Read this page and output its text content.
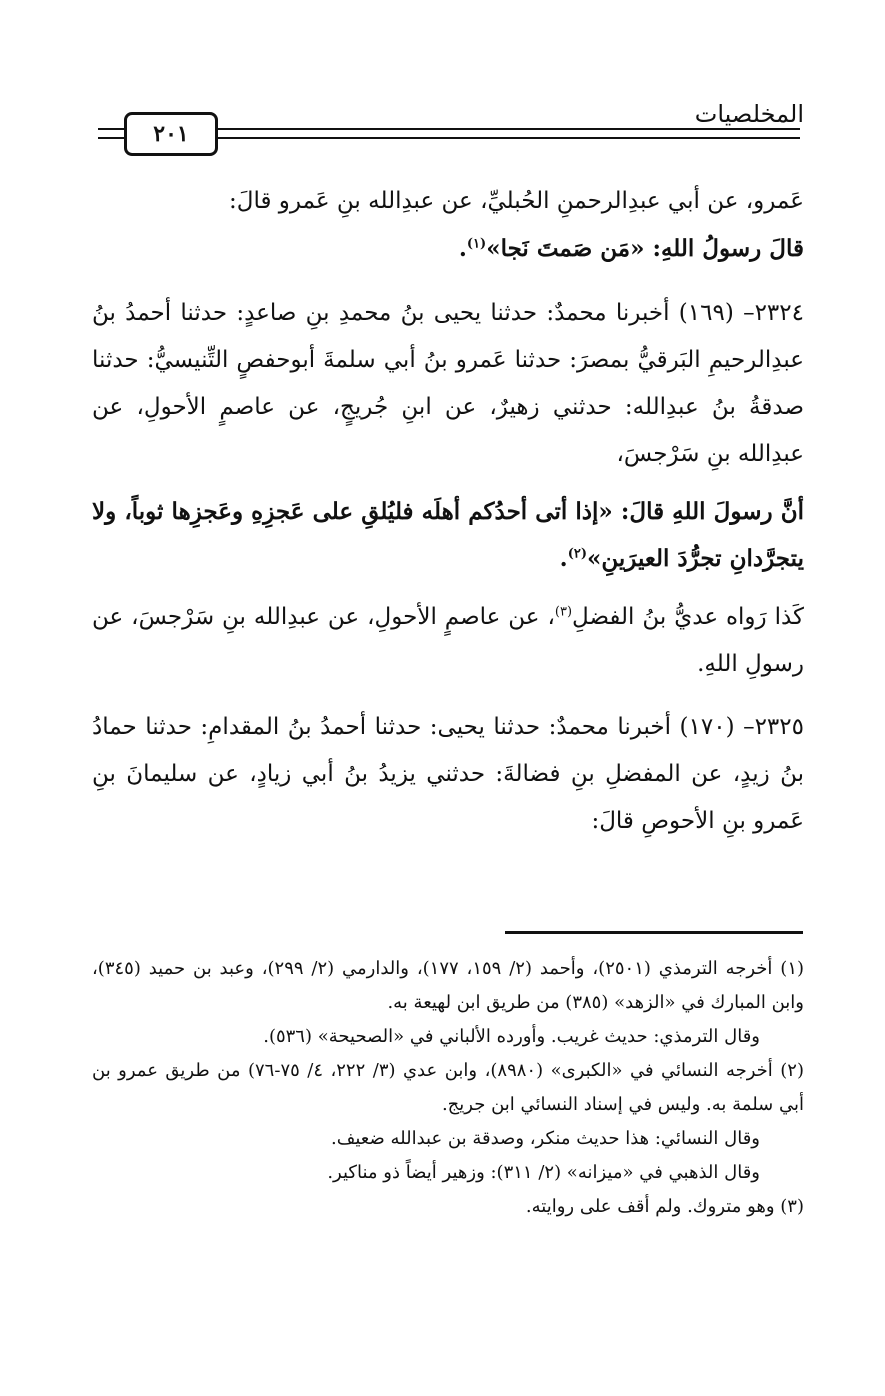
٢٠١
المخلصيات

عَمرو، عن أبي عبدِالرحمنِ الحُبليِّ، عن عبدِالله بنِ عَمرو قالَ:

قالَ رسولُ اللهِ: «مَن صَمتَ نَجا»$^{(١)}$.

٢٣٢٤– (١٦٩) أخبرنا محمدٌ: حدثنا يحيى بنُ محمدِ بنِ صاعدٍ: حدثنا أحمدُ بنُ عبدِالرحيمِ البَرقيُّ بمصرَ: حدثنا عَمرو بنُ أبي سلمةَ أبوحفصٍ التِّنيسيُّ: حدثنا صدقةُ بنُ عبدِالله: حدثني زهيرٌ، عن ابنِ جُريجٍ، عن عاصمٍ الأحولِ، عن عبدِالله بنِ سَرْجسَ،

أنَّ رسولَ اللهِ قالَ: «إذا أتى أحدُكم أهلَه فليُلقِ على عَجزِهِ وعَجزِها ثوباً، ولا يتجرَّدانِ تجرُّدَ العيرَينِ»$^{(٢)}$.

كَذا رَواه عديُّ بنُ الفضلِ$^{(٣)}$، عن عاصمٍ الأحولِ، عن عبدِالله بنِ سَرْجسَ، عن رسولِ اللهِ.

٢٣٢٥– (١٧٠) أخبرنا محمدٌ: حدثنا يحيى: حدثنا أحمدُ بنُ المقدامِ: حدثنا حمادُ بنُ زيدٍ، عن المفضلِ بنِ فضالةَ: حدثني يزيدُ بنُ أبي زيادٍ، عن سليمانَ بنِ عَمرو بنِ الأحوصِ قالَ:

(١) أخرجه الترمذي (٢٥٠١)، وأحمد (٢/ ١٥٩، ١٧٧)، والدارمي (٢/ ٢٩٩)، وعبد بن حميد (٣٤٥)، وابن المبارك في «الزهد» (٣٨٥) من طريق ابن لهيعة به.

وقال الترمذي: حديث غريب. وأورده الألباني في «الصحيحة» (٥٣٦).

(٢) أخرجه النسائي في «الكبرى» (٨٩٨٠)، وابن عدي (٣/ ٢٢٢، ٤/ ٧٥-٧٦) من طريق عمرو بن أبي سلمة به. وليس في إسناد النسائي ابن جريج.

وقال النسائي: هذا حديث منكر، وصدقة بن عبدالله ضعيف.

وقال الذهبي في «ميزانه» (٢/ ٣١١): وزهير أيضاً ذو مناكير.

(٣) وهو متروك. ولم أقف على روايته.
